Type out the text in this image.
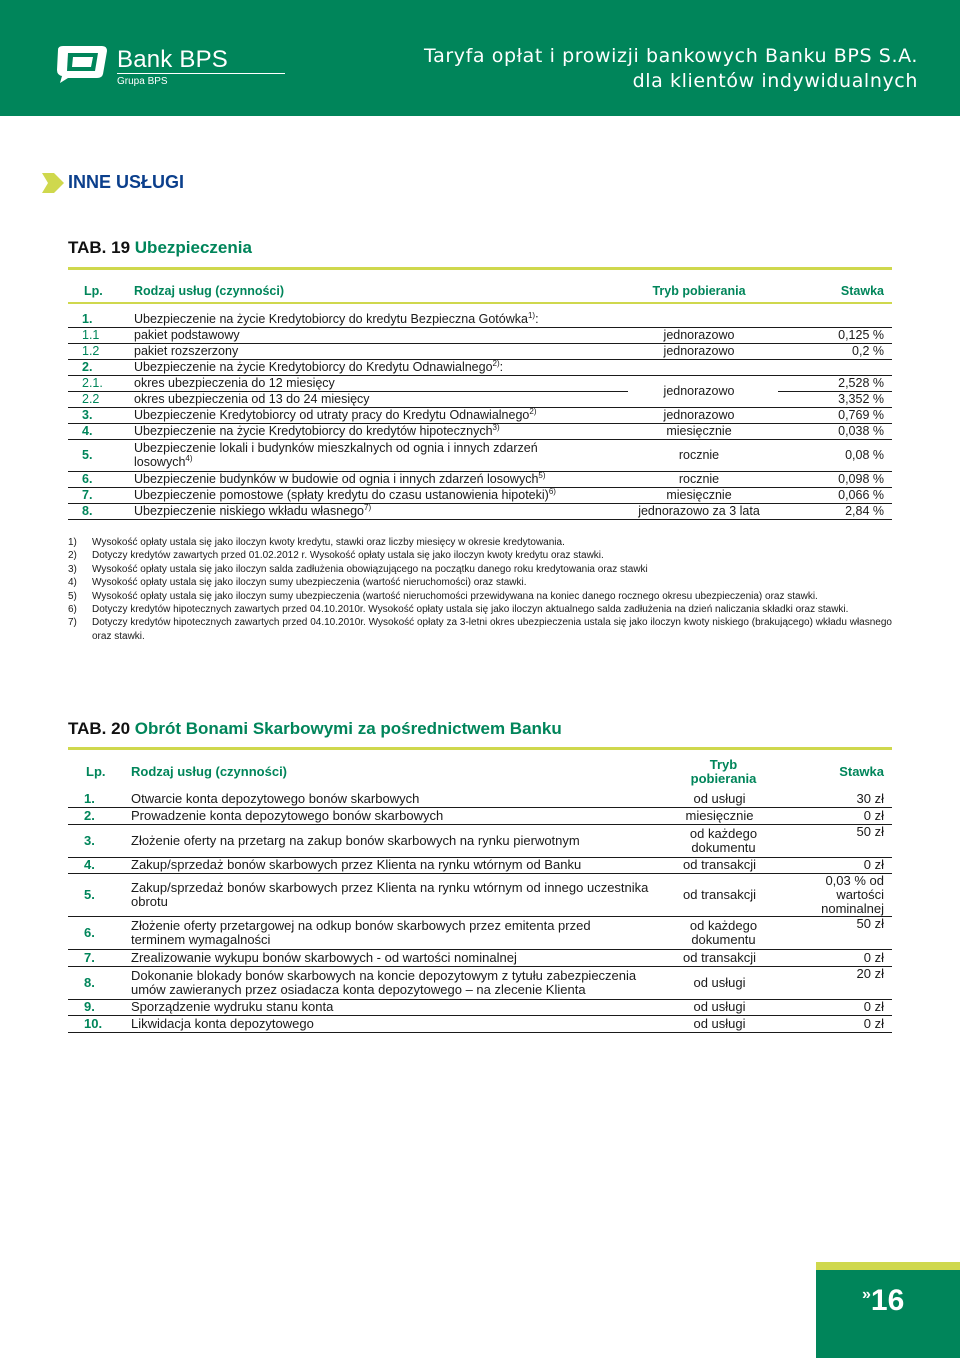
Bank BPS
Grupa BPS
Taryfa opłat i prowizji bankowych Banku BPS S.A.
dla klientów indywidualnych
INNE USŁUGI
TAB. 19 Ubezpieczenia
Lp.	Rodzaj usług (czynności)	Tryb pobierania	Stawka

1.	Ubezpieczenie na życie Kredytobiorcy do kredytu Bezpieczna Gotówka$^{1)}$:		
1.1	pakiet podstawowy	jednorazowo	0,125 %
1.2	pakiet rozszerzony	jednorazowo	0,2 %
2.	Ubezpieczenie na życie Kredytobiorcy do Kredytu Odnawialnego$^{2)}$:		
2.1.	okres ubezpieczenia do 12 miesięcy	jednorazowo	2,528 %
2.2	okres ubezpieczenia od 13 do 24 miesięcy		3,352 %
3.	Ubezpieczenie Kredytobiorcy od utraty pracy do Kredytu Odnawialnego$^{2)}$	jednorazowo	0,769 %
4.	Ubezpieczenie na życie Kredytobiorcy do kredytów hipotecznych$^{3)}$	miesięcznie	0,038 %
5.	Ubezpieczenie lokali i budynków mieszkalnych od ognia i innych zdarzeń losowych$^{4)}$	rocznie	0,08 %
6.	Ubezpieczenie budynków w budowie od ognia i innych zdarzeń losowych$^{5)}$	rocznie	0,098 %
7.	Ubezpieczenie pomostowe (spłaty kredytu do czasu ustanowienia hipoteki)$^{6)}$	miesięcznie	0,066 %
8.	Ubezpieczenie niskiego wkładu własnego$^{7)}$	jednorazowo za 3 lata	2,84 %
1)	Wysokość opłaty ustala się jako iloczyn kwoty kredytu, stawki oraz liczby miesięcy w okresie kredytowania.
2)	Dotyczy kredytów zawartych przed 01.02.2012 r. Wysokość opłaty ustala się jako iloczyn kwoty kredytu oraz stawki.
3)	Wysokość opłaty ustala się jako iloczyn salda zadłużenia obowiązującego na początku danego roku kredytowania oraz stawki
4)	Wysokość opłaty ustala się jako iloczyn sumy ubezpieczenia (wartość nieruchomości) oraz stawki.
5)	Wysokość opłaty ustala się jako iloczyn sumy ubezpieczenia (wartość nieruchomości przewidywana na koniec danego rocznego okresu ubezpieczenia) oraz stawki.
6)	Dotyczy kredytów hipotecznych zawartych przed 04.10.2010r. Wysokość opłaty ustala się jako iloczyn aktualnego salda zadłużenia na dzień naliczania składki oraz stawki.
7)	Dotyczy kredytów hipotecznych zawartych przed 04.10.2010r. Wysokość opłaty za 3-letni okres ubezpieczenia ustala się jako iloczyn kwoty niskiego (brakującego) wkładu własnego oraz stawki.
TAB. 20 Obrót Bonami Skarbowymi za pośrednictwem Banku
Lp.	Rodzaj usług (czynności)	Tryb pobierania	Stawka
1.	Otwarcie konta depozytowego bonów skarbowych	od usługi	30 zł
2.	Prowadzenie konta depozytowego bonów skarbowych	miesięcznie	0 zł
3.	Złożenie oferty na przetarg na zakup bonów skarbowych na rynku pierwotnym	od każdego dokumentu	50 zł
4.	Zakup/sprzedaż bonów skarbowych przez Klienta na rynku wtórnym od Banku	od transakcji	0 zł
5.	Zakup/sprzedaż bonów skarbowych przez Klienta na rynku wtórnym od innego uczestnika obrotu	od transakcji	0,03 % od wartości nominalnej
6.	Złożenie oferty przetargowej na odkup bonów skarbowych przez emitenta przed terminem wymagalności	od każdego dokumentu	50 zł
7.	Zrealizowanie wykupu bonów skarbowych - od wartości nominalnej	od transakcji	0 zł
8.	Dokonanie blokady bonów skarbowych na koncie depozytowym z tytułu zabezpieczenia umów zawieranych przez osiadacza konta depozytowego – na zlecenie Klienta	od usługi	20 zł
9.	Sporządzenie wydruku stanu konta	od usługi	0 zł
10.	Likwidacja konta depozytowego	od usługi	0 zł
»16
